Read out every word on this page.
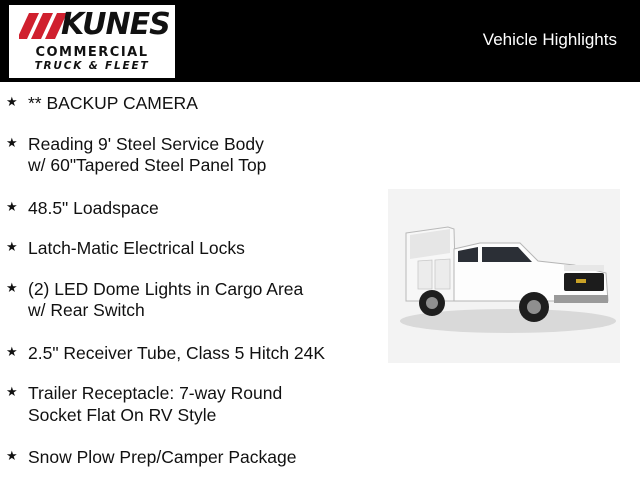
KUNES
COMMERCIAL
TRUCK & FLEET
Vehicle Highlights
★ ** BACKUP CAMERA
★ Reading 9' Steel Service Body
w/ 60"Tapered Steel Panel Top
★ 48.5" Loadspace
★ Latch-Matic Electrical Locks
★ (2) LED Dome Lights in Cargo Area
w/ Rear Switch
★ 2.5" Receiver Tube, Class 5 Hitch 24K
★ Trailer Receptacle: 7-way Round
Socket Flat On RV Style
★ Snow Plow Prep/Camper Package
